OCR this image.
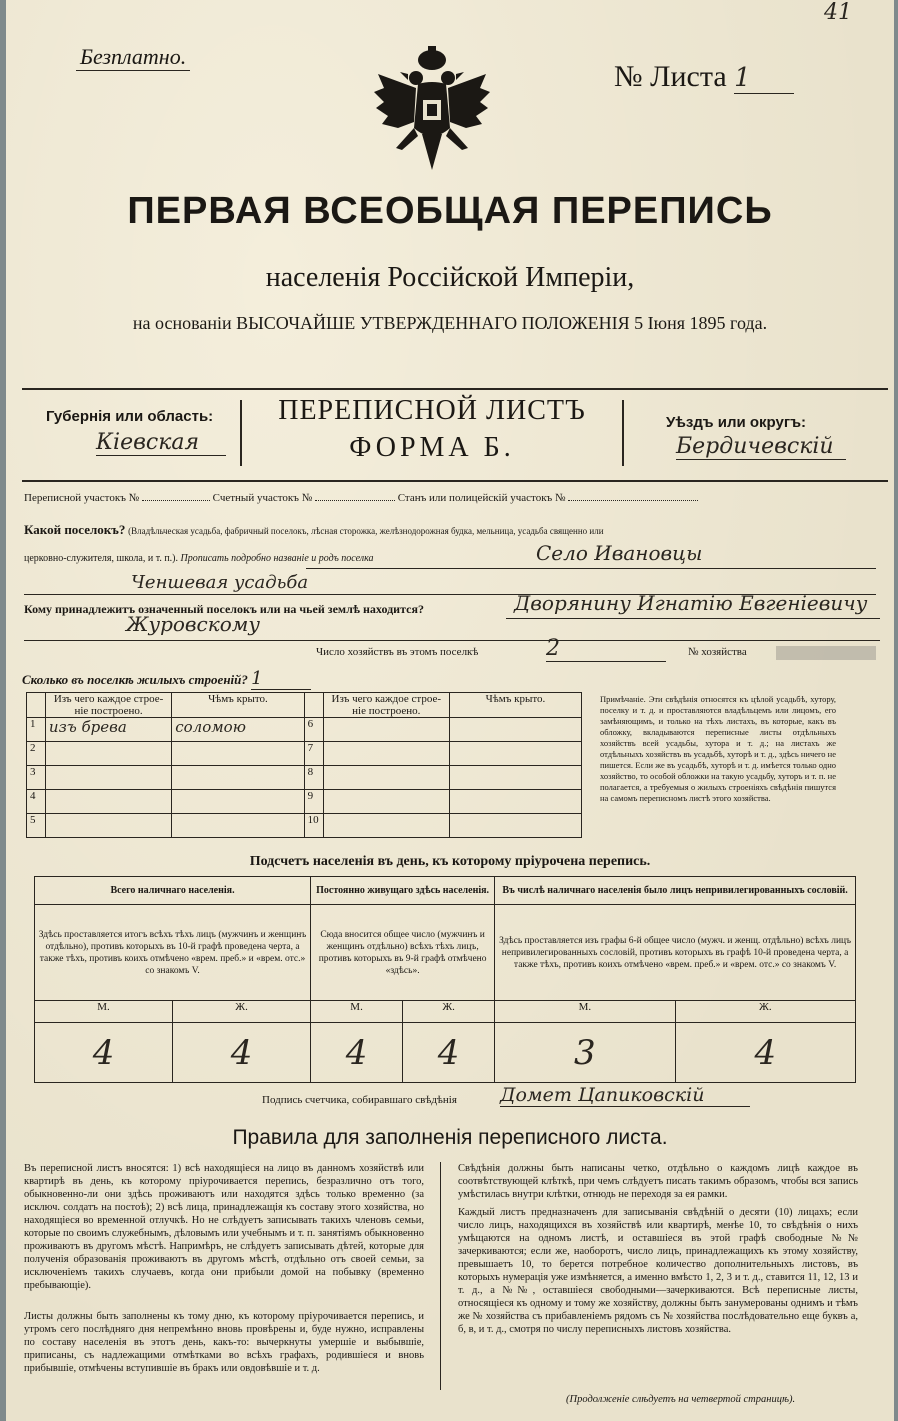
41
Безплатно.
№ Листа 1
ПЕРВАЯ ВСЕОБЩАЯ ПЕРЕПИСЬ
населенія Россійской Имперіи,
на основаніи ВЫСОЧАЙШЕ УТВЕРЖДЕННАГО ПОЛОЖЕНІЯ 5 Іюня 1895 года.
Губернія или область:
Кіевская
ПЕРЕПИСНОЙ ЛИСТЪ
ФОРМА Б.
Уѣздъ или округъ:
Бердичевскій
Переписной участокъ №	Счетный участокъ №	Станъ или полицейскій участокъ №
Какой поселокъ? (Владѣльческая усадьба, фабричный поселокъ, лѣсная сторожка, желѣзнодорожная будка, мельница, усадьба священно или
церковно-служителя, школа, и т. п.). Прописать подробно названіе и родъ поселка	Село Ивановцы
Ченшевая усадьба
Кому принадлежитъ означенный поселокъ или на чьей землѣ находится?	Дворянину Игнатію Евгеніевичу
Журовскому
Число хозяйствъ въ этомъ поселкѣ	2	№ хозяйства
Сколько въ поселкѣ жилыхъ строеній? 1
	Изъ чего каждое строе-ніе построено.	Чѣмъ крыто.		Изъ чего каждое строе-ніе построено.	Чѣмъ крыто.
1	изъ брева	соломою	6		
2			7		
3			8		
4			9		
5			10		
Примѣчаніе. Эти свѣдѣнія относятся къ цѣлой усадьбѣ, хутору, поселку и т. д. и проставляются владѣльцемъ или лицомъ, его замѣняющимъ, и только на тѣхъ листахъ, въ которые, какъ въ обложку, вкладываются переписные листы отдѣльныхъ хозяйствъ всей усадьбы, хутора и т. д.; на листахъ же отдѣльныхъ хозяйствъ въ усадьбѣ, хуторѣ и т. д., здѣсь ничего не пишется. Если же въ усадьбѣ, хуторѣ и т. д. имѣется только одно хозяйство, то особой обложки на такую усадьбу, хуторъ и т. п. не полагается, а требуемыя о жилыхъ строеніяхъ свѣдѣнія пишутся на самомъ переписномъ листѣ этого хозяйства.
Подсчетъ населенія въ день, къ которому пріурочена перепись.
Всего наличнаго населенія.		Постоянно живущаго здѣсь населенія.		Въ числѣ наличнаго населенія было лицъ непривилегированныхъ сословій.	
Здѣсь проставляется итогъ всѣхъ тѣхъ лицъ (мужчинъ и женщинъ отдѣльно), противъ которыхъ въ 10-й графѣ проведена черта, а также тѣхъ, противъ коихъ отмѣчено «врем. преб.» и «врем. отс.» со знакомъ V.		Сюда вносится общее число (мужчинъ и женщинъ отдѣльно) всѣхъ тѣхъ лицъ, противъ которыхъ въ 9-й графѣ отмѣчено «здѣсь».		Здѣсь проставляется изъ графы 6-й общее число (мужч. и женщ. отдѣльно) всѣхъ лицъ непривилегированныхъ сословій, противъ которыхъ въ графѣ 10-й проведена черта, а также тѣхъ, противъ коихъ отмѣчено «врем. преб.» и «врем. отс.» со знакомъ V.	
М.	Ж.	М.	Ж.	М.	Ж.
4	4	4	4	3	4
Подпись счетчика, собиравшаго свѣдѣнія Домет Цапиковскій
Правила для заполненія переписного листа.
Въ переписной листъ вносятся: 1) всѣ находящіеся на лицо въ данномъ хозяйствѣ или квартирѣ въ день, къ которому пріурочивается перепись, безразлично отъ того, обыкновенно-ли они здѣсь проживаютъ или находятся здѣсь только временно (за исключ. солдатъ на постоѣ); 2) всѣ лица, принадлежащія къ составу этого хозяйства, но находящіеся во временной отлучкѣ. Но не слѣдуетъ записывать такихъ членовъ семьи, которые по своимъ служебнымъ, дѣловымъ или учебнымъ и т. п. занятіямъ обыкновенно проживаютъ въ другомъ мѣстѣ. Напримѣръ, не слѣдуетъ записывать дѣтей, которые для полученія образованія проживаютъ въ другомъ мѣстѣ, отдѣльно отъ своей семьи, за исключеніемъ такихъ случаевъ, когда они прибыли домой на побывку (временно пребывающіе).
Листы должны быть заполнены къ тому дню, къ которому пріурочивается перепись, и утромъ сего послѣдняго дня непремѣнно вновь провѣрены и, буде нужно, исправлены по составу населенія въ этотъ день, какъ-то: вычеркнуты умершіе и выбывшіе, приписаны, съ надлежащими отмѣтками во всѣхъ графахъ, родившіеся и вновь прибывшіе, отмѣчены вступившіе въ бракъ или овдовѣвшіе и т. д.
Свѣдѣнія должны быть написаны четко, отдѣльно о каждомъ лицѣ каждое въ соотвѣтствующей клѣткѣ, при чемъ слѣдуетъ писать такимъ образомъ, чтобы вся запись умѣстилась внутри клѣтки, отнюдь не переходя за ея рамки.
Каждый листъ предназначенъ для записыванія свѣдѣній о десяти (10) лицахъ; если число лицъ, находящихся въ хозяйствѣ или квартирѣ, менѣе 10, то свѣдѣнія о нихъ умѣщаются на одномъ листѣ, и оставшіеся въ этой графѣ свободные №№ зачеркиваются; если же, наоборотъ, число лицъ, принадлежащихъ къ этому хозяйству, превышаетъ 10, то берется потребное количество дополнительныхъ листовъ, въ которыхъ нумерація уже измѣняется, а именно вмѣсто 1, 2, 3 и т. д., ставится 11, 12, 13 и т. д., а №№, оставшіеся свободными—зачеркиваются. Всѣ переписные листы, относящіеся къ одному и тому же хозяйству, должны быть занумерованы однимъ и тѣмъ же № хозяйства съ прибавленіемъ рядомъ съ № хозяйства послѣдовательно еще буквъ а, б, в, и т. д., смотря по числу переписныхъ листовъ хозяйства.
(Продолженіе слѣдуетъ на четвертой страницѣ).
